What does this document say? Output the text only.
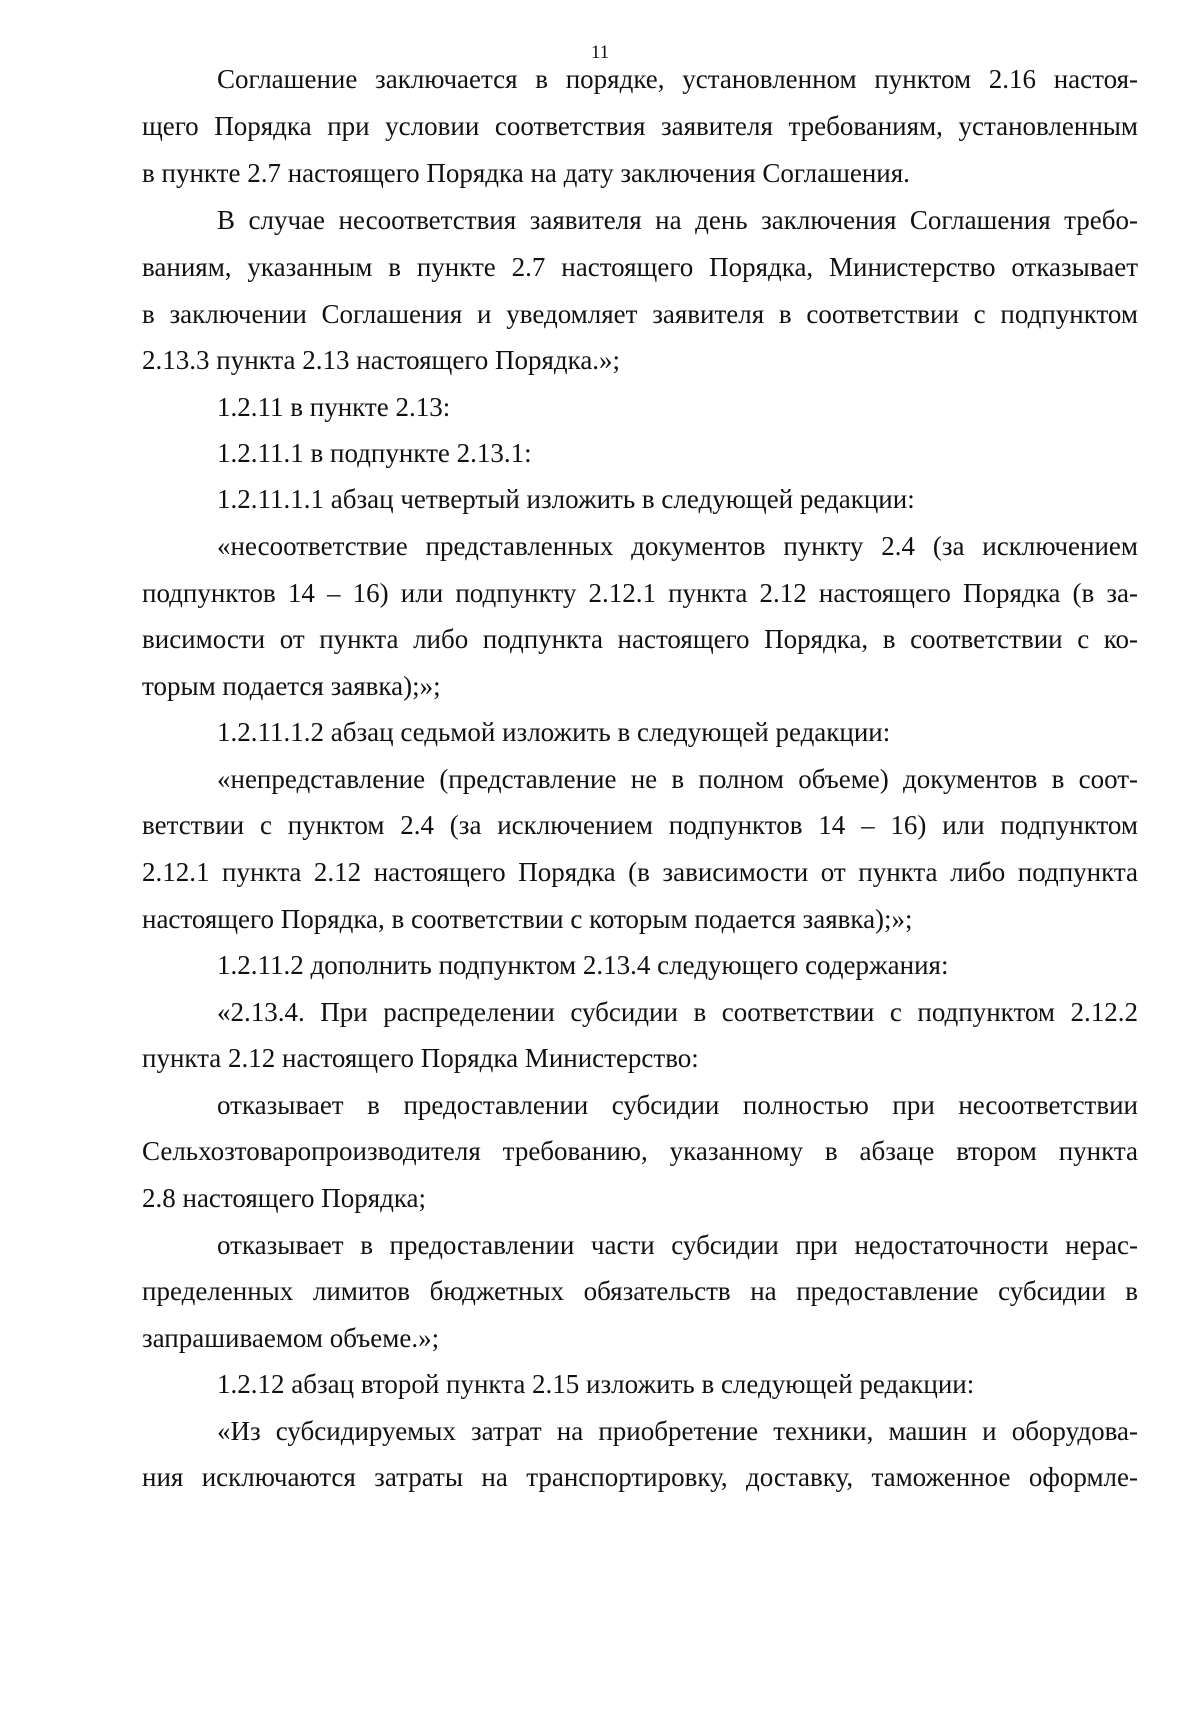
11
Соглашение заключается в порядке, установленном пунктом 2.16 настоя-
щего Порядка при условии соответствия заявителя требованиям, установленным
в пункте 2.7 настоящего Порядка на дату заключения Соглашения.
В случае несоответствия заявителя на день заключения Соглашения требо-
ваниям, указанным в пункте 2.7 настоящего Порядка, Министерство отказывает
в заключении Соглашения и уведомляет заявителя в соответствии с подпунктом
2.13.3 пункта 2.13 настоящего Порядка.»;
1.2.11 в пункте 2.13:
1.2.11.1 в подпункте 2.13.1:
1.2.11.1.1 абзац четвертый изложить в следующей редакции:
«несоответствие представленных документов пункту 2.4 (за исключением
подпунктов 14 – 16) или подпункту 2.12.1 пункта 2.12 настоящего Порядка (в за-
висимости от пункта либо подпункта настоящего Порядка, в соответствии с ко-
торым подается заявка);»;
1.2.11.1.2 абзац седьмой изложить в следующей редакции:
«непредставление (представление не в полном объеме) документов в соот-
ветствии с пунктом 2.4 (за исключением подпунктов 14 – 16) или подпунктом
2.12.1 пункта 2.12 настоящего Порядка (в зависимости от пункта либо подпункта
настоящего Порядка, в соответствии с которым подается заявка);»;
1.2.11.2 дополнить подпунктом 2.13.4 следующего содержания:
«2.13.4. При распределении субсидии в соответствии с подпунктом 2.12.2
пункта 2.12 настоящего Порядка Министерство:
отказывает в предоставлении субсидии полностью при несоответствии
Сельхозтоваропроизводителя требованию, указанному в абзаце втором пункта
2.8 настоящего Порядка;
отказывает в предоставлении части субсидии при недостаточности нерас-
пределенных лимитов бюджетных обязательств на предоставление субсидии в
запрашиваемом объеме.»;
1.2.12 абзац второй пункта 2.15 изложить в следующей редакции:
«Из субсидируемых затрат на приобретение техники, машин и оборудова-
ния исключаются затраты на транспортировку, доставку, таможенное оформле-
